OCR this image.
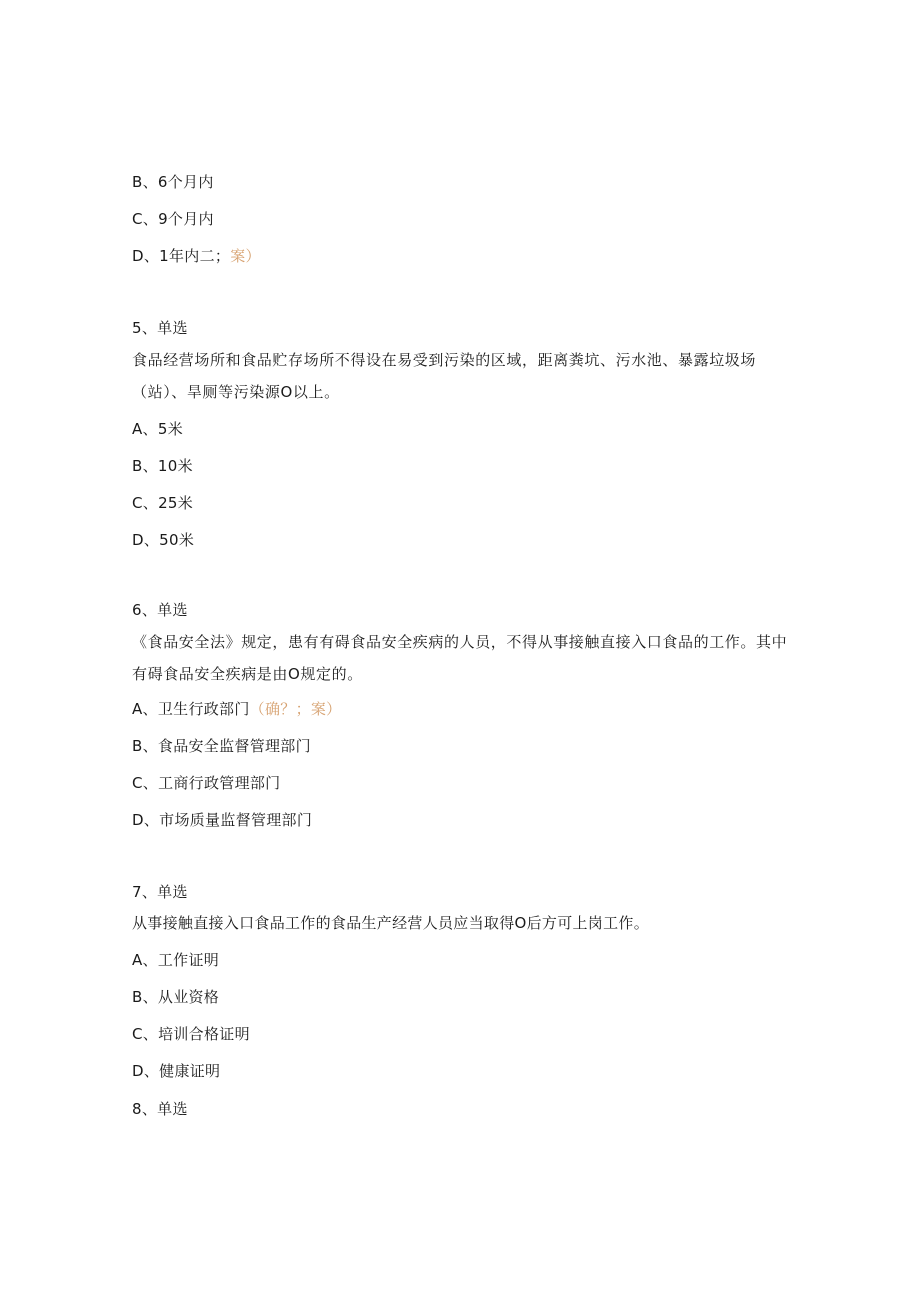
B、6个月内
C、9个月内
D、1年内二；案）
5、单选
食品经营场所和食品贮存场所不得设在易受到污染的区域，距离粪坑、污水池、暴露垃圾场（站）、旱厕等污染源O以上。
A、5米
B、10米
C、25米
D、50米
6、单选
《食品安全法》规定，患有有碍食品安全疾病的人员，不得从事接触直接入口食品的工作。其中有碍食品安全疾病是由O规定的。
A、卫生行政部门（确？；案）
B、食品安全监督管理部门
C、工商行政管理部门
D、市场质量监督管理部门
7、单选
从事接触直接入口食品工作的食品生产经营人员应当取得O后方可上岗工作。
A、工作证明
B、从业资格
C、培训合格证明
D、健康证明
8、单选
